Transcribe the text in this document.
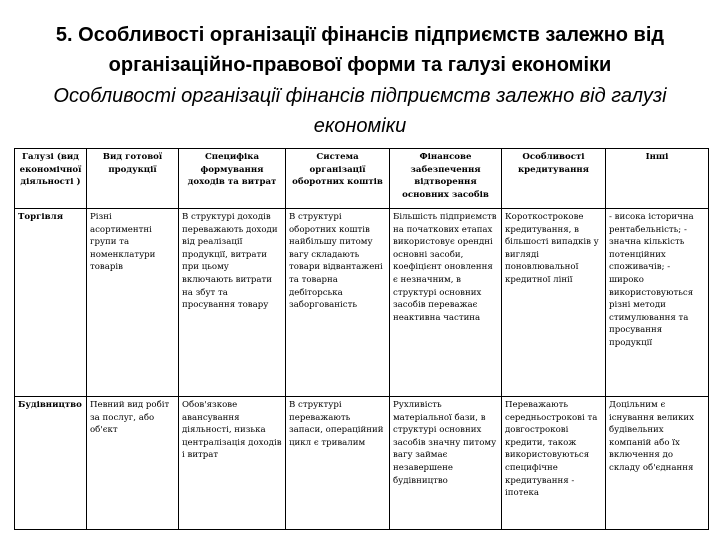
5. Особливості організації фінансів підприємств залежно від організаційно-правової форми та галузі економіки
Особливості організації фінансів підприємств залежно від галузі економіки
Галузі (вид економічної діяльності )	Вид готової продукції	Специфіка формування доходів та витрат	Система організації оборотних коштів	Фінансове забезпечення відтворення основних засобів	Особливості кредитування	Інші
Торгівля	Різні асортиментні групи та номенклатури товарів	В структурі доходів переважають доходи від реалізації продукції, витрати при цьому включають витрати на збут та просування товару	В структурі оборотних коштів найбільшу питому вагу складають товари відвантажені та товарна дебіторська заборгованість	Більшість підприємств на початкових етапах використовує орендні основні засоби, коефіцієнт оновлення є незначним, в структурі основних засобів переважає неактивна частина	Короткострокове кредитування, в більшості випадків у вигляді поновлювальної кредитної лінії	- висока історична рентабельність; - значна кількість потенційних споживачів; - широко використовуються різні методи стимулювання та просування продукції
Будівництво	Певний вид робіт за послуг, або об'єкт	Обов'язкове авансування діяльності, низька централізація доходів і витрат	В структурі переважають запаси, операційний цикл є тривалим	Рухливість матеріальної бази, в структурі основних засобів значну питому вагу займає незавершене будівництво	Переважають середньострокові та довгострокові кредити, також використовуються специфічне кредитування - іпотека	Доцільним є існування великих будівельних компаній або їх включення до складу об'єднання
